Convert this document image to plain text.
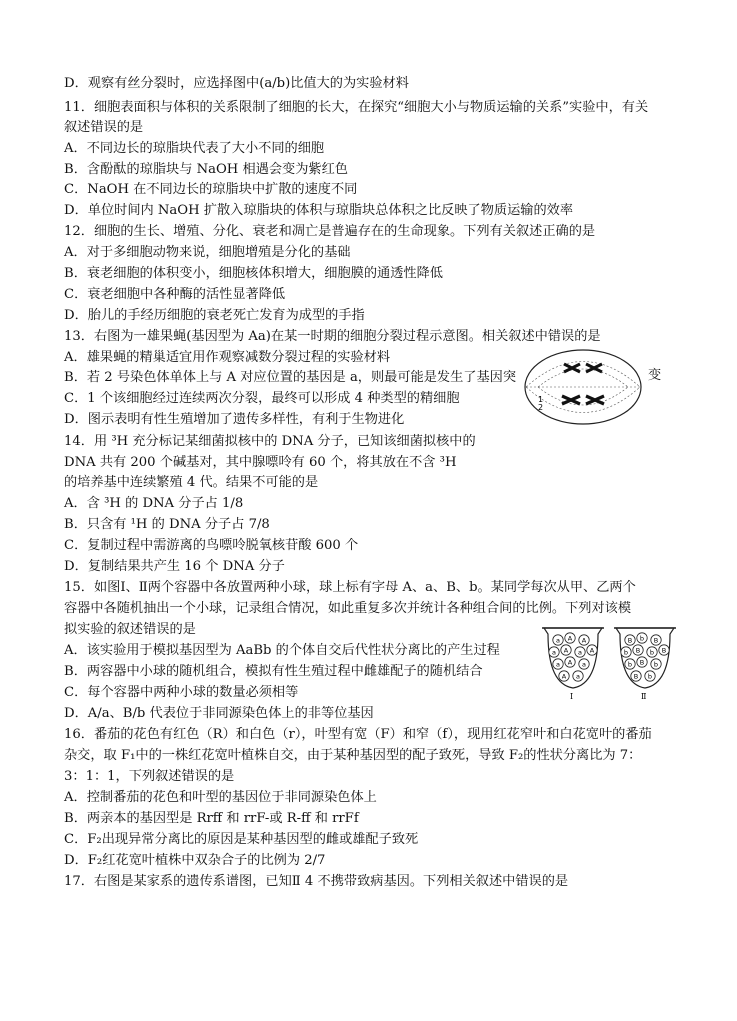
D．观察有丝分裂时，应选择图中(a/b)比值大的为实验材料
11．细胞表面积与体积的关系限制了细胞的长大，在探究“细胞大小与物质运输的关系”实验中，有关
叙述错误的是
A．不同边长的琼脂块代表了大小不同的细胞
B．含酚酞的琼脂块与 NaOH 相遇会变为紫红色
C．NaOH 在不同边长的琼脂块中扩散的速度不同
D．单位时间内 NaOH 扩散入琼脂块的体积与琼脂块总体积之比反映了物质运输的效率
12．细胞的生长、增殖、分化、衰老和凋亡是普遍存在的生命现象。下列有关叙述正确的是
A．对于多细胞动物来说，细胞增殖是分化的基础
B．衰老细胞的体积变小，细胞核体积增大，细胞膜的通透性降低
C．衰老细胞中各种酶的活性显著降低
D．胎儿的手经历细胞的衰老死亡发育为成型的手指
13．右图为一雄果蝇(基因型为 Aa)在某一时期的细胞分裂过程示意图。相关叙述中错误的是
A．雄果蝇的精巢适宜用作观察减数分裂过程的实验材料
B．若 2 号染色体单体上与 A 对应位置的基因是 a，则最可能是发生了基因突
C．1 个该细胞经过连续两次分裂，最终可以形成 4 种类型的精细胞
D．图示表明有性生殖增加了遗传多样性，有利于生物进化
14．用 ³H 充分标记某细菌拟核中的 DNA 分子，已知该细菌拟核中的
DNA 共有 200 个碱基对，其中腺嘌呤有 60 个，将其放在不含 ³H
的培养基中连续繁殖 4 代。结果不可能的是
A．含 ³H 的 DNA 分子占 1/8
B．只含有 ¹H 的 DNA 分子占 7/8
C．复制过程中需游离的鸟嘌呤脱氧核苷酸 600 个
D．复制结果共产生 16 个 DNA 分子
15．如图Ⅰ、Ⅱ两个容器中各放置两种小球，球上标有字母 A、a、B、b。某同学每次从甲、乙两个
容器中各随机抽出一个小球，记录组合情况，如此重复多次并统计各种组合间的比例。下列对该模
拟实验的叙述错误的是
A．该实验用于模拟基因型为 AaBb 的个体自交后代性状分离比的产生过程
B．两容器中小球的随机组合，模拟有性生殖过程中雌雄配子的随机结合
C．每个容器中两种小球的数量必须相等
D．A/a、B/b 代表位于非同源染色体上的非等位基因
16．番茄的花色有红色（R）和白色（r），叶型有宽（F）和窄（f），现用红花窄叶和白花宽叶的番茄
杂交，取 F₁中的一株红花宽叶植株自交，由于某种基因型的配子致死，导致 F₂的性状分离比为 7：
3：1：1，下列叙述错误的是
A．控制番茄的花色和叶型的基因位于非同源染色体上
B．两亲本的基因型是 Rrff 和 rrF-或 R-ff 和 rrFf
C．F₂出现异常分离比的原因是某种基因型的雌或雄配子致死
D．F₂红花宽叶植株中双杂合子的比例为 2/7
17．右图是某家系的遗传系谱图，已知Ⅱ 4 不携带致病基因。下列相关叙述中错误的是
变
1
2
a A A
a A a A
a A a
A a
Ⅰ
B b B
b B b B
b B b
B b
Ⅱ
